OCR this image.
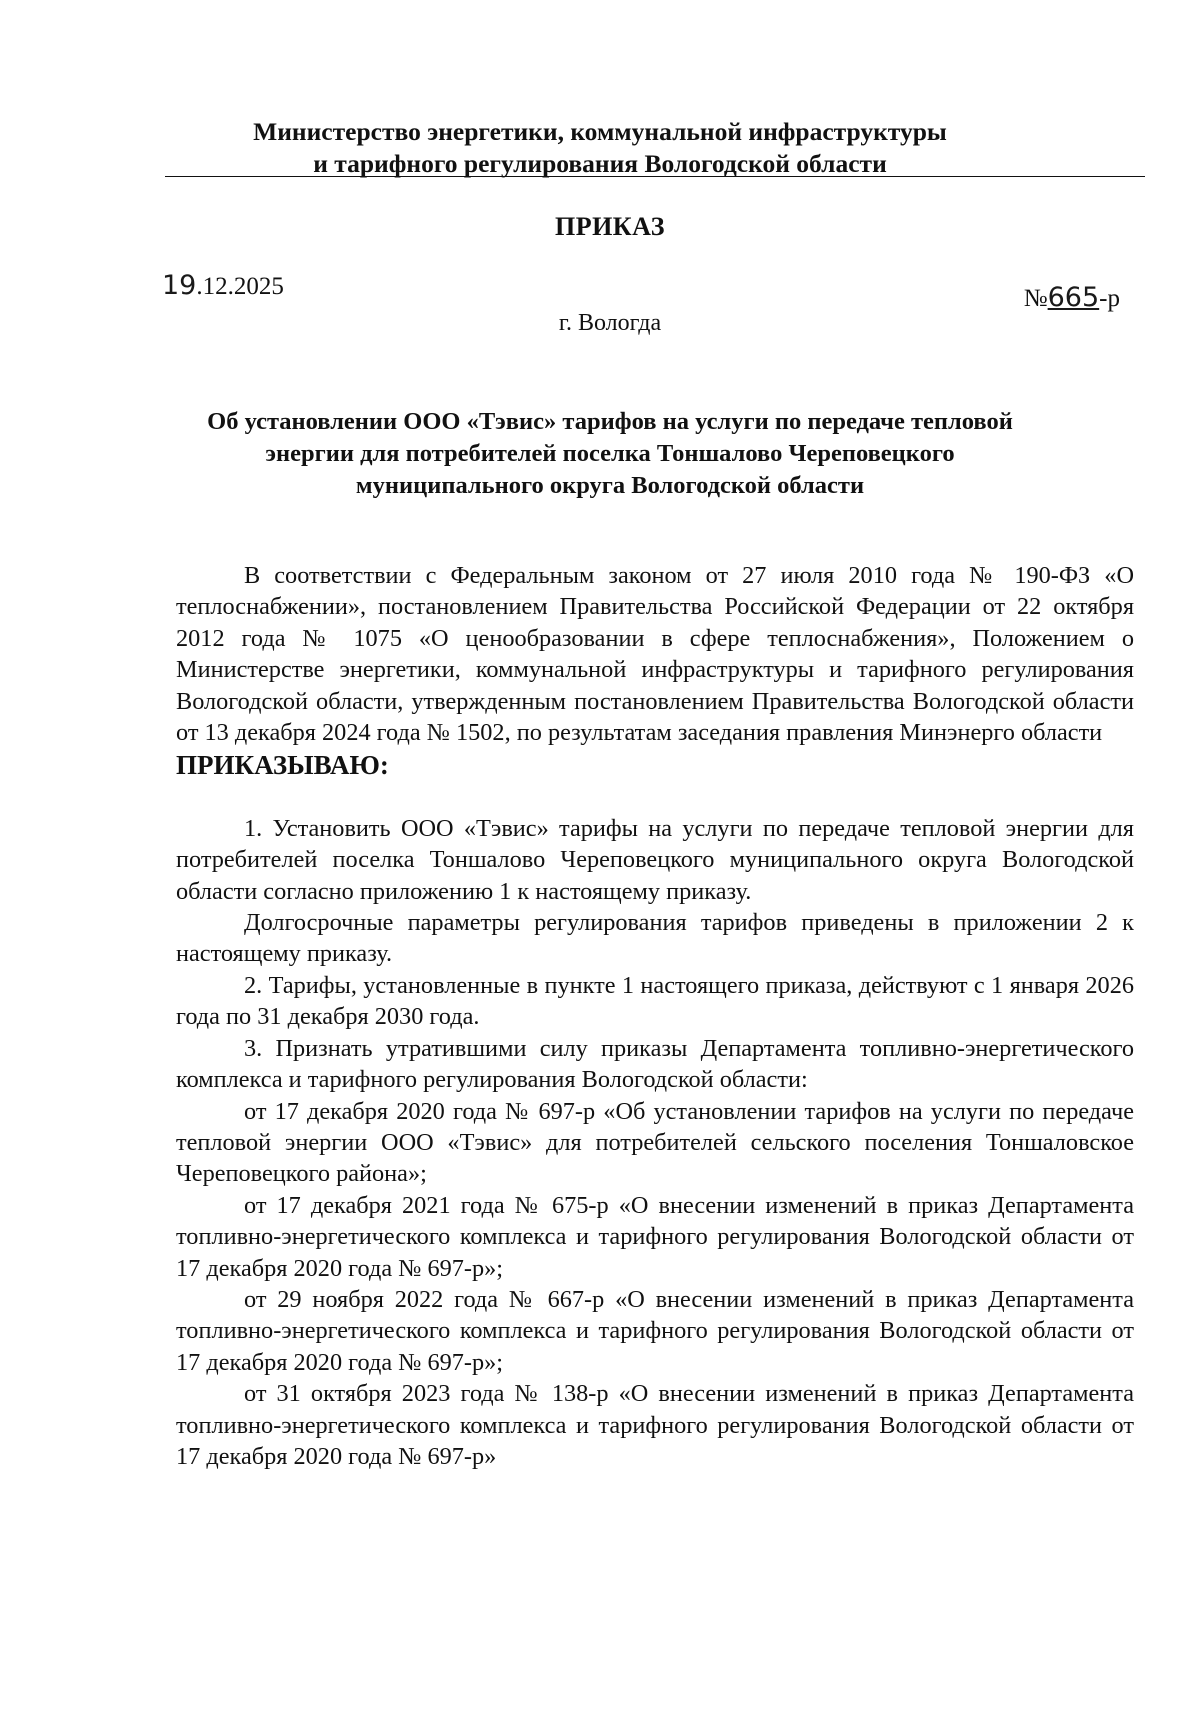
Министерство энергетики, коммунальной инфраструктуры
и тарифного регулирования Вологодской области
ПРИКАЗ
19.12.2025	№665-р
г. Вологда
Об установлении ООО «Тэвис» тарифов на услуги по передаче тепловой
энергии для потребителей поселка Тоншалово Череповецкого
муниципального округа Вологодской области

В соответствии с Федеральным законом от 27 июля 2010 года № 190-ФЗ «О теплоснабжении», постановлением Правительства Российской Федерации от 22 октября 2012 года № 1075 «О ценообразовании в сфере теплоснабжения», Положением о Министерстве энергетики, коммунальной инфраструктуры и тарифного регулирования Вологодской области, утвержденным постановлением Правительства Вологодской области от 13 декабря 2024 года № 1502, по результатам заседания правления Минэнерго области

ПРИКАЗЫВАЮ:

1. Установить ООО «Тэвис» тарифы на услуги по передаче тепловой энергии для потребителей поселка Тоншалово Череповецкого муниципального округа Вологодской области согласно приложению 1 к настоящему приказу.

Долгосрочные параметры регулирования тарифов приведены в приложении 2 к настоящему приказу.

2. Тарифы, установленные в пункте 1 настоящего приказа, действуют с 1 января 2026 года по 31 декабря 2030 года.

3. Признать утратившими силу приказы Департамента топливно-энергетического комплекса и тарифного регулирования Вологодской области:

от 17 декабря 2020 года № 697-р «Об установлении тарифов на услуги по передаче тепловой энергии ООО «Тэвис» для потребителей сельского поселения Тоншаловское Череповецкого района»;

от 17 декабря 2021 года № 675-р «О внесении изменений в приказ Департамента топливно-энергетического комплекса и тарифного регулирования Вологодской области от 17 декабря 2020 года № 697-р»;

от 29 ноября 2022 года № 667-р «О внесении изменений в приказ Департамента топливно-энергетического комплекса и тарифного регулирования Вологодской области от 17 декабря 2020 года № 697-р»;

от 31 октября 2023 года № 138-р «О внесении изменений в приказ Департамента топливно-энергетического комплекса и тарифного регулирования Вологодской области от 17 декабря 2020 года № 697-р»
